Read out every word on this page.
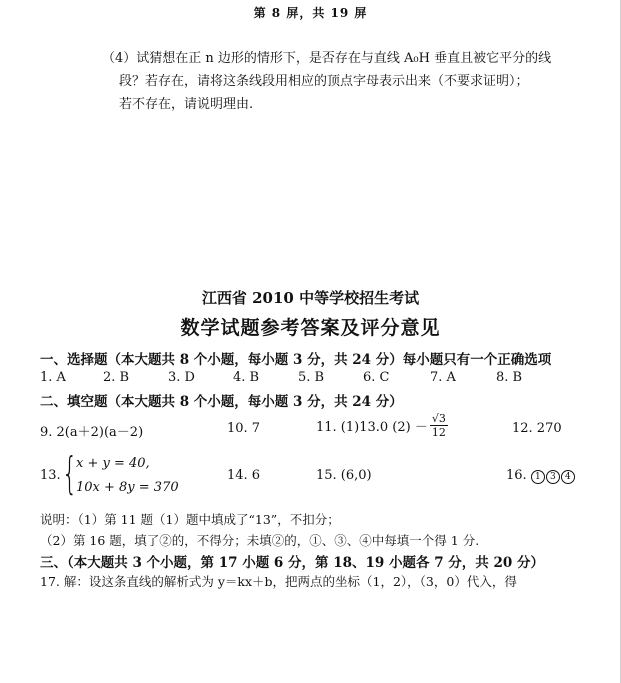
第 8 屏，共 19 屏
（4）试猜想在正 n 边形的情形下，是否存在与直线 A₀H 垂直且被它平分的线
段？若存在，请将这条线段用相应的顶点字母表示出来（不要求证明）；
若不存在，请说明理由.
江西省 2010 中等学校招生考试
数学试题参考答案及评分意见
一、选择题（本大题共 8 个小题，每小题 3 分，共 24 分）每小题只有一个正确选项
1. A	2. B	3. D	4. B	5. B	6. C	7. A	8. B
二、填空题（本大题共 8 个小题，每小题 3 分，共 24 分）
9. 2(a＋2)(a－2)	10. 7	11. (1)13.0 $(2) - \frac{√3}{12}$	12. 270
13. {
x + y = 40,
10x + 8y = 370
14. 6	15. (6,0)	16. 1 3 4
说明：（1）第 11 题（1）题中填成了“13”，不扣分；
（2）第 16 题，填了②的，不得分；未填②的，①、③、④中每填一个得 1 分.
三、（本大题共 3 个小题，第 17 小题 6 分，第 18、19 小题各 7 分，共 20 分）
17. 解：设这条直线的解析式为 y＝kx＋b，把两点的坐标（1，2），（3，0）代入，得
